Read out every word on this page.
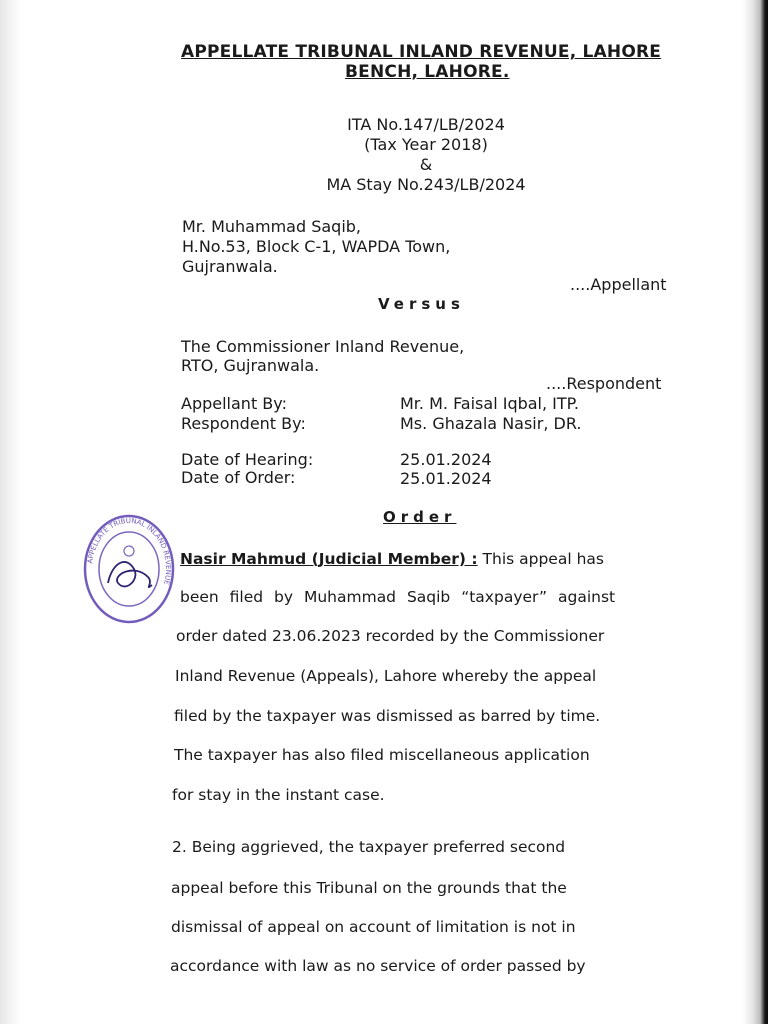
APPELLATE TRIBUNAL INLAND REVENUE, LAHORE
BENCH, LAHORE.
ITA No.147/LB/2024
(Tax Year 2018)
&
MA Stay No.243/LB/2024
Mr. Muhammad Saqib,
H.No.53, Block C-1, WAPDA Town,
Gujranwala.
....Appellant
Versus
The Commissioner Inland Revenue,
RTO, Gujranwala.
....Respondent
Appellant By:	Mr. M. Faisal Iqbal, ITP.
Respondent By:	Ms. Ghazala Nasir, DR.
Date of Hearing:	25.01.2024
Date of Order:	25.01.2024
Order
Nasir Mahmud (Judicial Member) : This appeal has
been filed by Muhammad Saqib “taxpayer” against
order dated 23.06.2023 recorded by the Commissioner
Inland Revenue (Appeals), Lahore whereby the appeal
filed by the taxpayer was dismissed as barred by time.
The taxpayer has also filed miscellaneous application
for stay in the instant case.
2. Being aggrieved, the taxpayer preferred second
appeal before this Tribunal on the grounds that the
dismissal of appeal on account of limitation is not in
accordance with law as no service of order passed by
APPELLATE TRIBUNAL INLAND REVENUE
